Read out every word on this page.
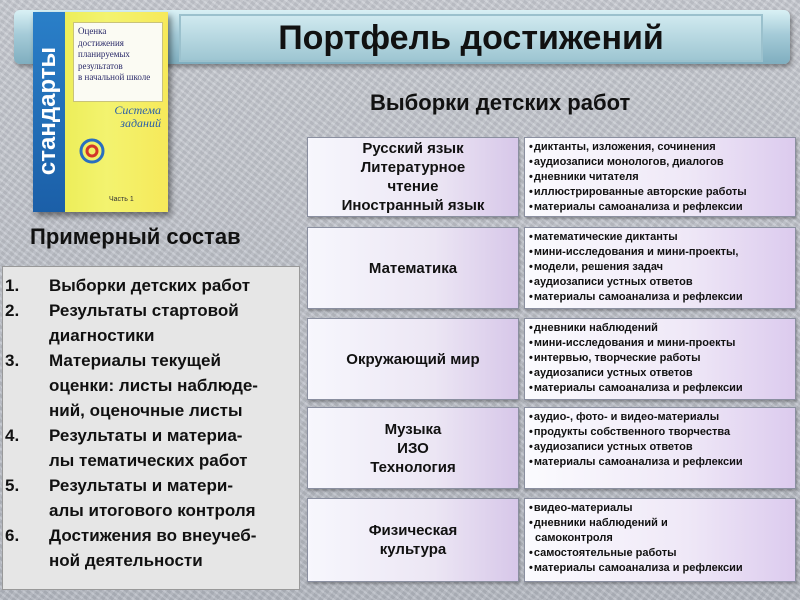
Портфель достижений
стандарты
Оценка
достижения
планируемых
результатов
в начальной школе
Система заданий
Часть 1
Примерный состав
1. Выборки детских работ
2. Результаты стартовой
диагностики
3. Материалы текущей
оценки: листы наблюде-
ний, оценочные листы
4. Результаты и материа-
лы тематических работ
5. Результаты и матери-
алы итогового контроля
6. Достижения во внеучеб-
ной деятельности
Выборки детских работ
Русский язык
Литературное
чтение
Иностранный язык
• диктанты, изложения, сочинения
• аудиозаписи монологов, диалогов
• дневники читателя
• иллюстрированные авторские работы
• материалы самоанализа и рефлексии
Математика
• математические диктанты
• мини-исследования и мини-проекты,
• модели, решения задач
• аудиозаписи устных ответов
• материалы самоанализа и рефлексии
Окружающий мир
• дневники наблюдений
• мини-исследования и мини-проекты
• интервью, творческие работы
• аудиозаписи устных ответов
• материалы самоанализа и рефлексии
Музыка
ИЗО
Технология
• аудио-, фото- и видео-материалы
• продукты собственного творчества
• аудиозаписи устных ответов
• материалы самоанализа и рефлексии
Физическая
культура
• видео-материалы
• дневники наблюдений и
самоконтроля
• самостоятельные работы
• материалы самоанализа и рефлексии
